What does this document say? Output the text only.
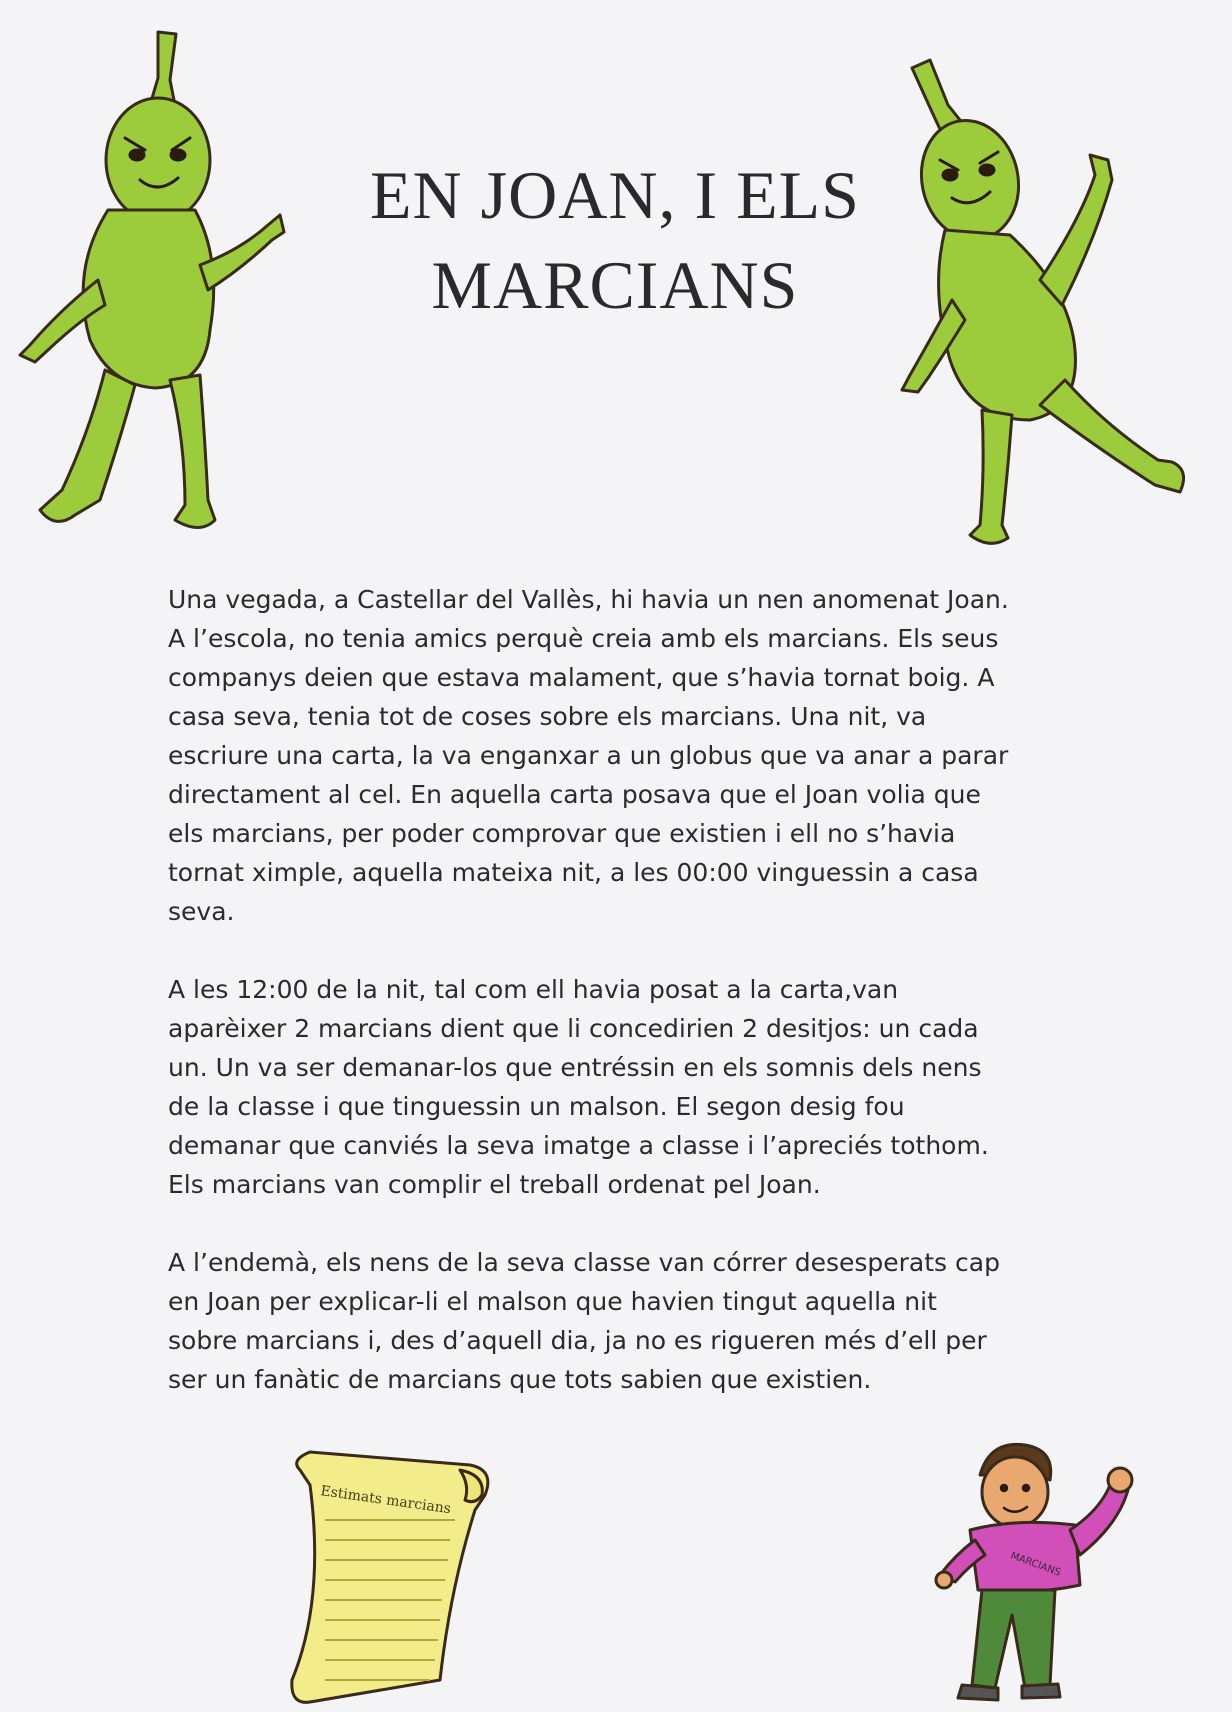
EN JOAN, I ELS
MARCIANS

Una vegada, a Castellar del Vallès, hi havia un nen anomenat Joan.
A l’escola, no tenia amics perquè creia amb els marcians. Els seus
companys deien que estava malament, que s’havia tornat boig. A
casa seva, tenia tot de coses sobre els marcians. Una nit, va
escriure una carta, la va enganxar a un globus que va anar a parar
directament al cel. En aquella carta posava que el Joan volia que
els marcians, per poder comprovar que existien i ell no s’havia
tornat ximple, aquella mateixa nit, a les 00:00 vinguessin a casa
seva.

A les 12:00 de la nit, tal com ell havia posat a la carta,van
aparèixer 2 marcians dient que li concedirien 2 desitjos: un cada
un. Un va ser demanar-los que entréssin en els somnis dels nens
de la classe i que tinguessin un malson. El segon desig fou
demanar que canviés la seva imatge a classe i l’apreciés tothom.
Els marcians van complir el treball ordenat pel Joan.

A l’endemà, els nens de la seva classe van córrer desesperats cap
en Joan per explicar-li el malson que havien tingut aquella nit
sobre marcians i, des d’aquell dia, ja no es rigueren més d’ell per
ser un fanàtic de marcians que tots sabien que existien.

Estimats marcians
MARCIANS
